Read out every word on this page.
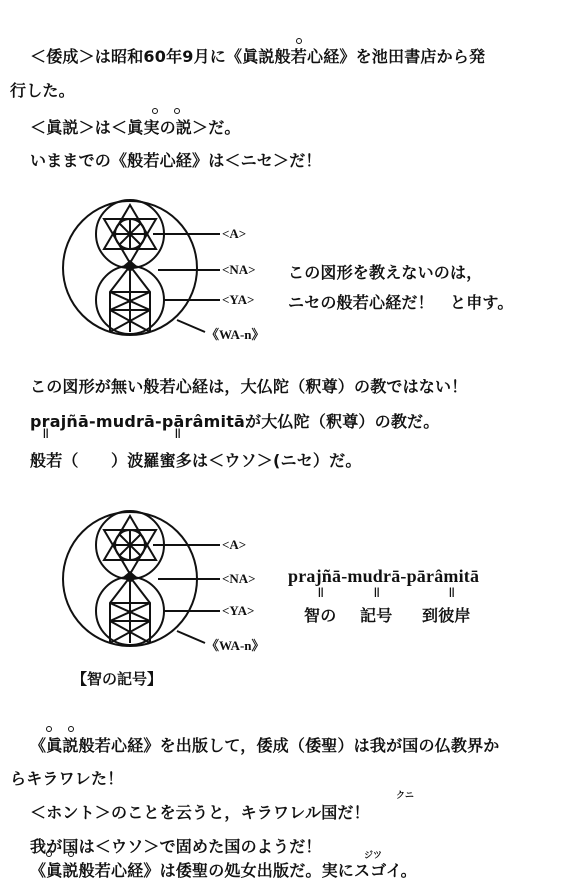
＜倭成＞は昭和60年9月に《眞説般若心経》を池田書店から発
行した。
＜眞説＞は＜眞実の説＞だ。
いままでの《般若心経》は＜ニセ＞だ！
<A>
<NA>
<YA>
《WA-n》
この図形を教えないのは，
ニセの般若心経だ！　と申す。
この図形が無い般若心経は，大仏陀（釈尊）の教ではない！
prajñā-mudrā-pārâmitāが大仏陀（釈尊）の教だ。
||	||
般若（　　）波羅蜜多は＜ウソ＞(ニセ）だ。
<A>
<NA>
<YA>
《WA-n》
prajñā-mudrā-pārâmitā
||	||	||
智の 記号 到彼岸
【智の記号】
《眞説般若心経》を出版して，倭成（倭聖）は我が国の仏教界か
らキラワレた！
＜ホント＞のことを云うと，キラワレル国だ！
クニ
我が国は＜ウソ＞で固めた国のようだ！
《眞説般若心経》は倭聖の処女出版だ。実にスゴイ。
ジツ
